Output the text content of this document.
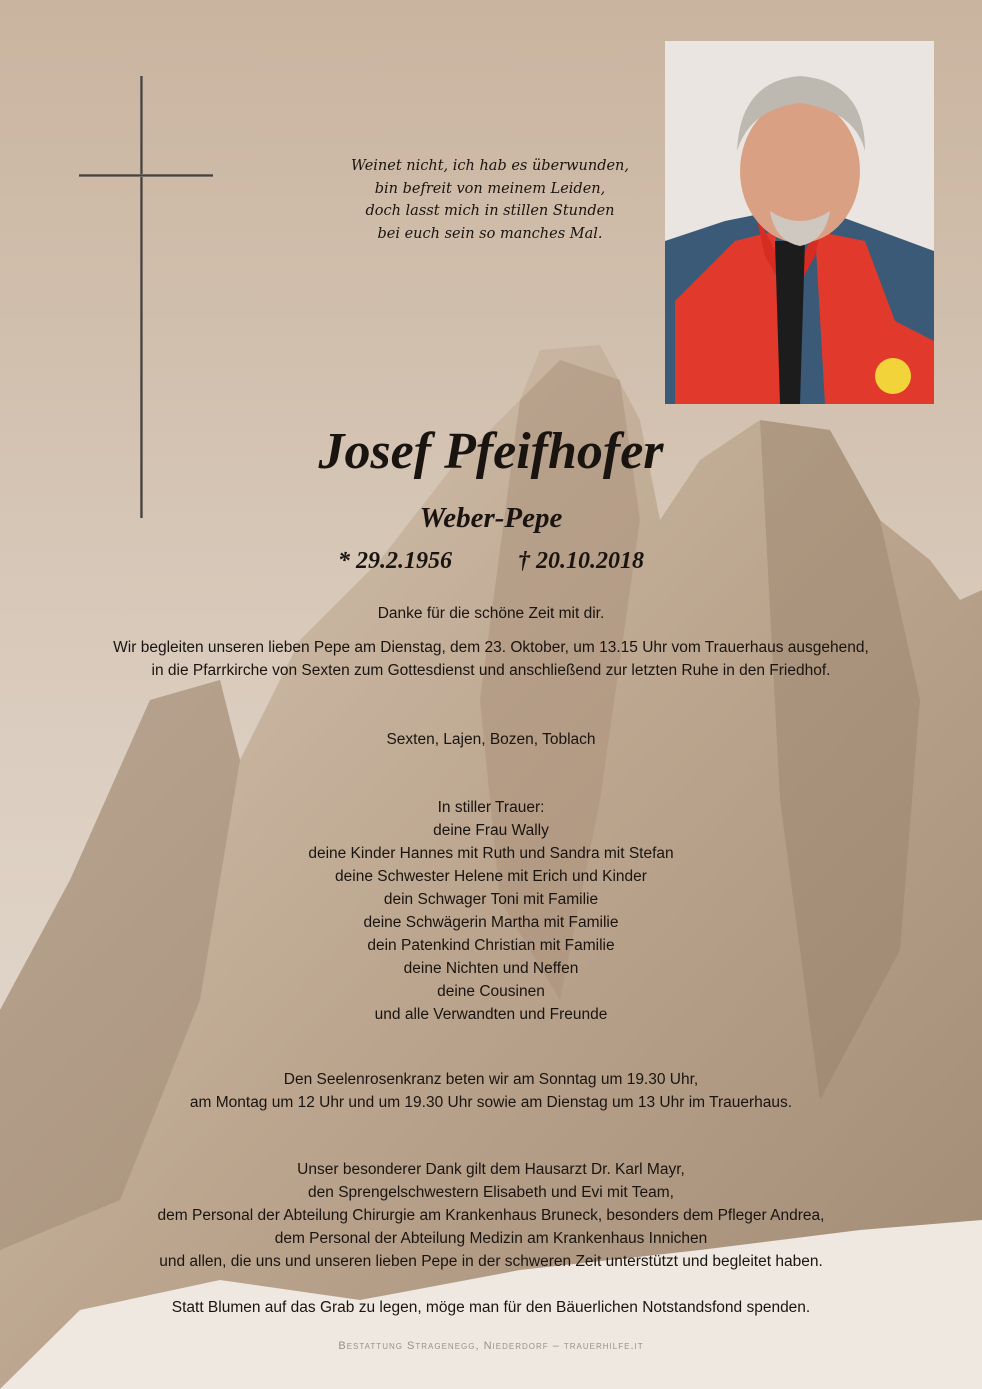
Weinet nicht, ich hab es überwunden,
bin befreit von meinem Leiden,
doch lasst mich in stillen Stunden
bei euch sein so manches Mal.
Josef Pfeifhofer
Weber-Pepe
* 29.2.1956	† 20.10.2018
Danke für die schöne Zeit mit dir.
Wir begleiten unseren lieben Pepe am Dienstag, dem 23. Oktober, um 13.15 Uhr vom Trauerhaus ausgehend,
in die Pfarrkirche von Sexten zum Gottesdienst und anschließend zur letzten Ruhe in den Friedhof.
Sexten, Lajen, Bozen, Toblach
In stiller Trauer:
deine Frau Wally
deine Kinder Hannes mit Ruth und Sandra mit Stefan
deine Schwester Helene mit Erich und Kinder
dein Schwager Toni mit Familie
deine Schwägerin Martha mit Familie
dein Patenkind Christian mit Familie
deine Nichten und Neffen
deine Cousinen
und alle Verwandten und Freunde
Den Seelenrosenkranz beten wir am Sonntag um 19.30 Uhr,
am Montag um 12 Uhr und um 19.30 Uhr sowie am Dienstag um 13 Uhr im Trauerhaus.
Unser besonderer Dank gilt dem Hausarzt Dr. Karl Mayr,
den Sprengelschwestern Elisabeth und Evi mit Team,
dem Personal der Abteilung Chirurgie am Krankenhaus Bruneck, besonders dem Pfleger Andrea,
dem Personal der Abteilung Medizin am Krankenhaus Innichen
und allen, die uns und unseren lieben Pepe in der schweren Zeit unterstützt und begleitet haben.
Statt Blumen auf das Grab zu legen, möge man für den Bäuerlichen Notstandsfond spenden.
Bestattung Stragenegg, Niederdorf – trauerhilfe.it
